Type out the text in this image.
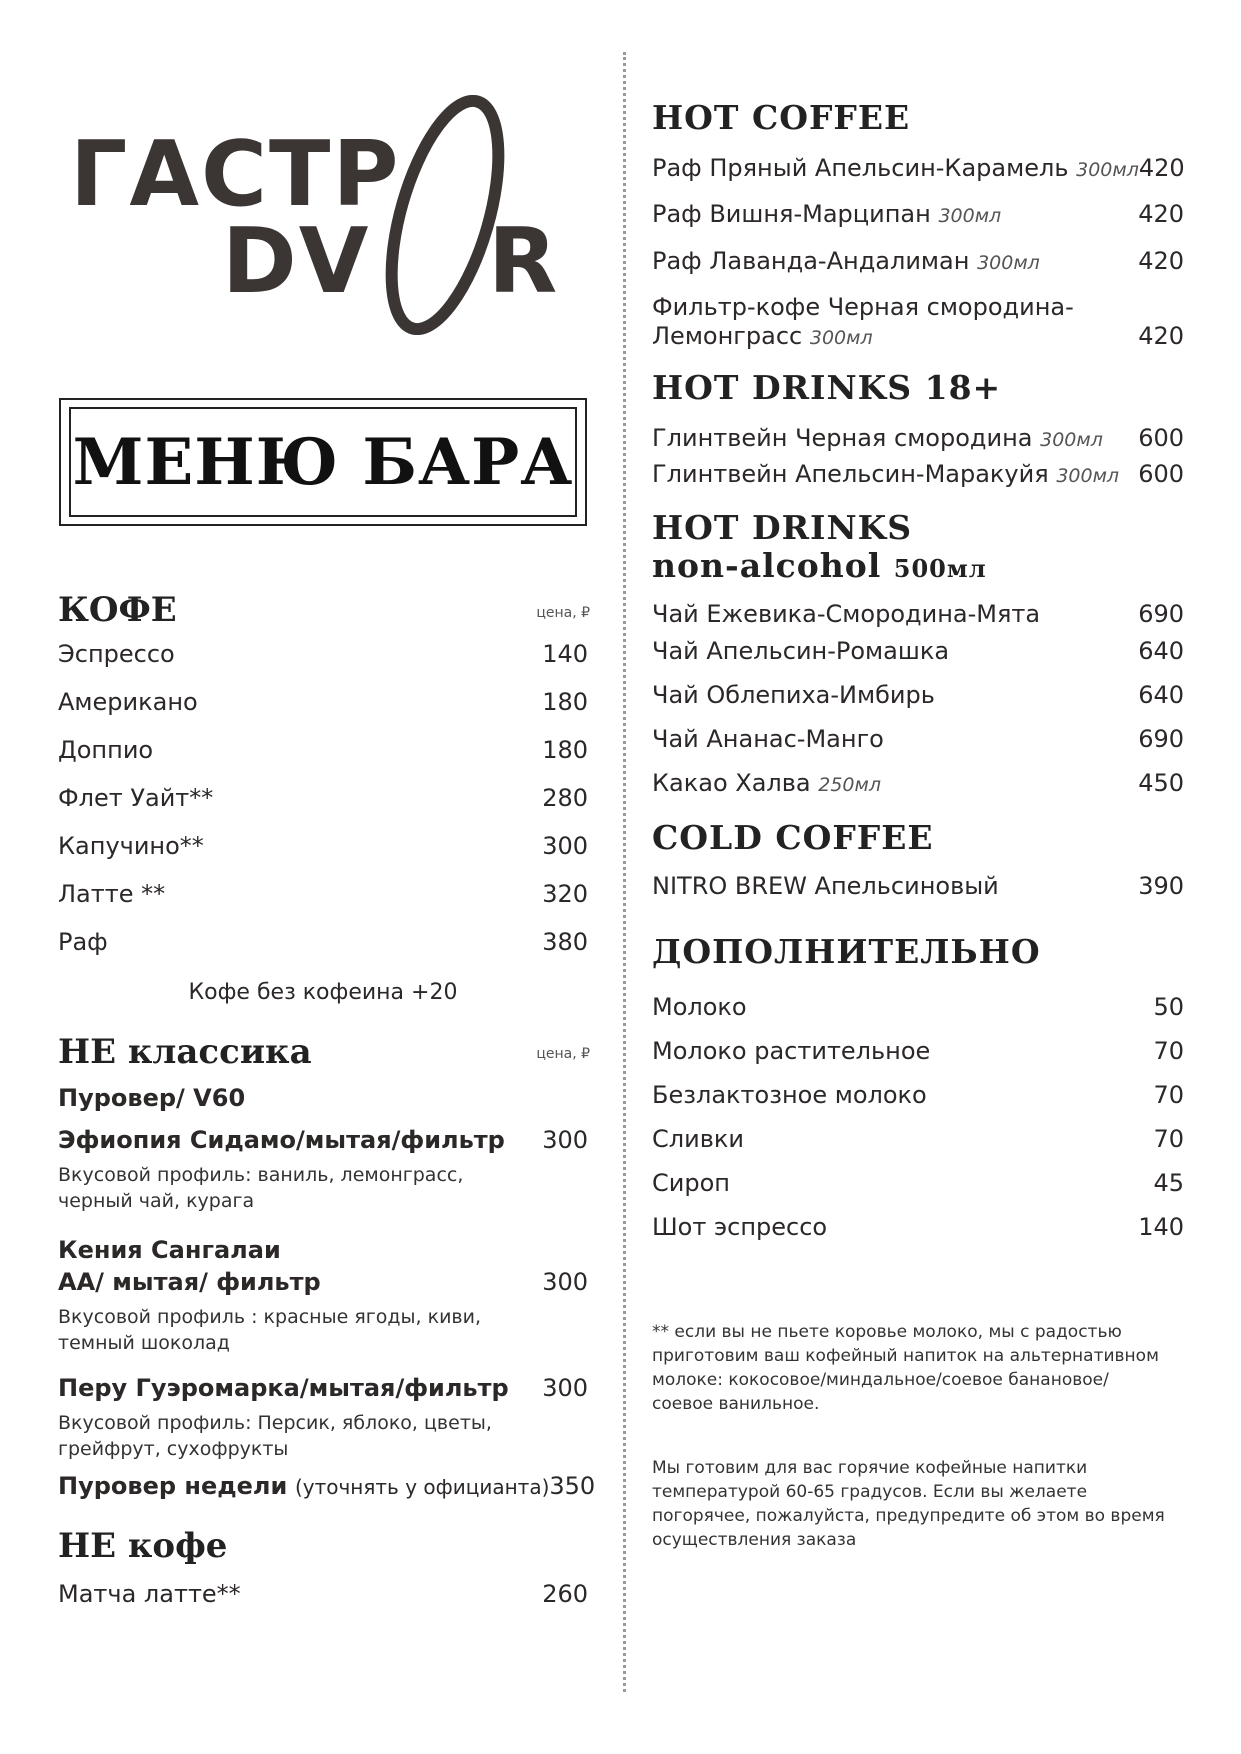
ГАСТР
DV R
МЕНЮ БАРА
КОФЕ	цена, ₽
Эспрессо	140
Американо	180
Доппио	180
Флет Уайт**	280
Капучино**	300
Латте **	320
Раф	380
Кофе без кофеина +20
НЕ классика	цена, ₽
Пуровер/ V60
Эфиопия Сидамо/мытая/фильтр 300
Вкусовой профиль: ваниль, лемонграсс, черный чай, курага
Кения Сангалаи
АА/ мытая/ фильтр	300
Вкусовой профиль : красные ягоды, киви, темный шоколад
Перу Гуэромарка/мытая/фильтр 300
Вкусовой профиль: Персик, яблоко, цветы, грейфрут, сухофрукты
Пуровер недели (уточнять у официанта) 350
НЕ кофе
Матча латте**	260
HOT COFFEE
Раф Пряный Апельсин-Карамель 300мл 420
Раф Вишня-Марципан 300мл	420
Раф Лаванда-Андалиман 300мл	420
Фильтр-кофе Черная смородина-
Лемонграсс 300мл	420
HOT DRINKS 18+
Глинтвейн Черная смородина 300мл 600
Глинтвейн Апельсин-Маракуйя 300мл 600
HOT DRINKS
non-alcohol 500мл
Чай Ежевика-Смородина-Мята	690
Чай Апельсин-Ромашка	640
Чай Облепиха-Имбирь	640
Чай Ананас-Манго	690
Какао Халва 250мл	450
COLD COFFEE
NITRO BREW Апельсиновый	390
ДОПОЛНИТЕЛЬНО
Молоко	50
Молоко растительное	70
Безлактозное молоко	70
Сливки	70
Сироп	45
Шот эспрессо	140
** если вы не пьете коровье молоко, мы с радостью приготовим ваш кофейный напиток на альтернативном молоке: кокосовое/миндальное/соевое банановое/ соевое ванильное.
Мы готовим для вас горячие кофейные напитки температурой 60-65 градусов. Если вы желаете погорячее, пожалуйста, предупредите об этом во время осуществления заказа
